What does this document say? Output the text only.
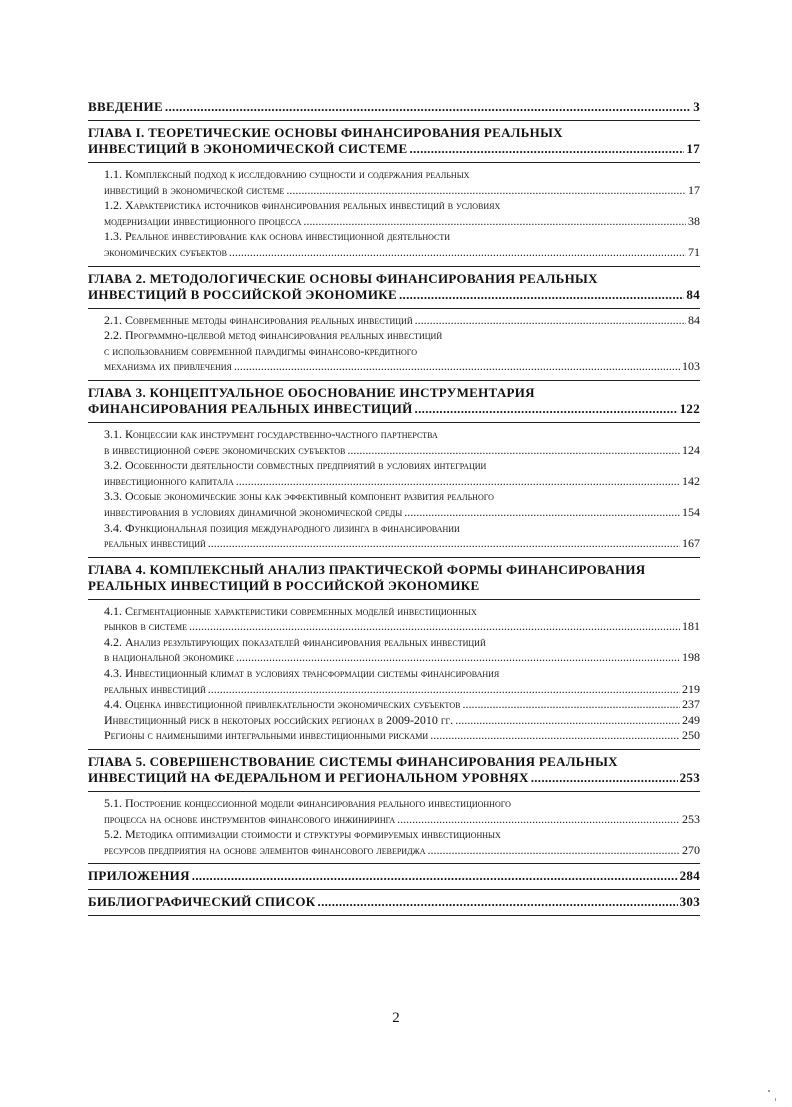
ВВЕДЕНИЕ .....	3
ГЛАВА I. ТЕОРЕТИЧЕСКИЕ ОСНОВЫ ФИНАНСИРОВАНИЯ РЕАЛЬНЫХ
ИНВЕСТИЦИЙ В ЭКОНОМИЧЕСКОЙ СИСТЕМЕ .....	17
1.1. Комплексный подход к исследованию сущности и содержания реальных
инвестиций в экономической системе .....	17
1.2. Характеристика источников финансирования реальных инвестиций в условиях
модернизации инвестиционного процесса .....	38
1.3. Реальное инвестирование как основа инвестиционной деятельности
экономических субъектов .....	71
ГЛАВА 2. МЕТОДОЛОГИЧЕСКИЕ ОСНОВЫ ФИНАНСИРОВАНИЯ РЕАЛЬНЫХ
ИНВЕСТИЦИЙ В РОССИЙСКОЙ ЭКОНОМИКЕ .....	84
2.1. Современные методы финансирования реальных инвестиций .....	84
2.2. Программно-целевой метод финансирования реальных инвестиций
с использованием современной парадигмы финансово-кредитного
механизма их привлечения .....	103
ГЛАВА 3. КОНЦЕПТУАЛЬНОЕ ОБОСНОВАНИЕ ИНСТРУМЕНТАРИЯ
ФИНАНСИРОВАНИЯ РЕАЛЬНЫХ ИНВЕСТИЦИЙ .....	122
3.1. Концессии как инструмент государственно-частного партнерства
в инвестиционной сфере экономических субъектов .....	124
3.2. Особенности деятельности совместных предприятий в условиях интеграции
инвестиционного капитала .....	142
3.3. Особые экономические зоны как эффективный компонент развития реального
инвестирования в условиях динамичной экономической среды .....	154
3.4. Функциональная позиция международного лизинга в финансировании
реальных инвестиций .....	167
ГЛАВА 4. КОМПЛЕКСНЫЙ АНАЛИЗ ПРАКТИЧЕСКОЙ ФОРМЫ ФИНАНСИРОВАНИЯ
РЕАЛЬНЫХ ИНВЕСТИЦИЙ В РОССИЙСКОЙ ЭКОНОМИКЕ
4.1. Сегментационные характеристики современных моделей инвестиционных
рынков в системе .....	181
4.2. Анализ результирующих показателей финансирования реальных инвестиций
в национальной экономике .....	198
4.3. Инвестиционный климат в условиях трансформации системы финансирования
реальных инвестиций .....	219
4.4. Оценка инвестиционной привлекательности экономических субъектов .....	237
Инвестиционный риск в некоторых российских регионах в 2009-2010 гг. .....	249
Регионы с наименьшими интегральными инвестиционными рисками .....	250
ГЛАВА 5. СОВЕРШЕНСТВОВАНИЕ СИСТЕМЫ ФИНАНСИРОВАНИЯ РЕАЛЬНЫХ
ИНВЕСТИЦИЙ НА ФЕДЕРАЛЬНОМ И РЕГИОНАЛЬНОМ УРОВНЯХ .....	253
5.1. Построение концессионной модели финансирования реального инвестиционного
процесса на основе инструментов финансового инжиниринга .....	253
5.2. Методика оптимизации стоимости и структуры формируемых инвестиционных
ресурсов предприятия на основе элементов финансового левериджа .....	270
ПРИЛОЖЕНИЯ .....	284
БИБЛИОГРАФИЧЕСКИЙ СПИСОК .....	303
2
